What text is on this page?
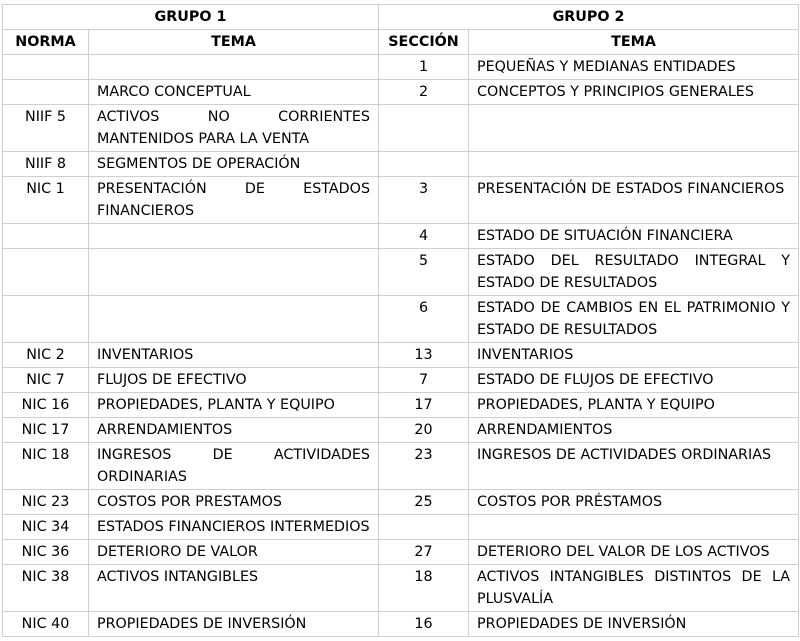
GRUPO 1		GRUPO 2	
NORMA	TEMA	SECCIÓN	TEMA
		1	PEQUEÑAS Y MEDIANAS ENTIDADES
	MARCO CONCEPTUAL	2	CONCEPTOS Y PRINCIPIOS GENERALES
NIIF 5	ACTIVOS NO CORRIENTES MANTENIDOS PARA LA VENTA		
NIIF 8	SEGMENTOS DE OPERACIÓN		
NIC 1	PRESENTACIÓN DE ESTADOS FINANCIEROS	3	PRESENTACIÓN DE ESTADOS FINANCIEROS
		4	ESTADO DE SITUACIÓN FINANCIERA
		5	ESTADO DEL RESULTADO INTEGRAL Y ESTADO DE RESULTADOS
		6	ESTADO DE CAMBIOS EN EL PATRIMONIO Y ESTADO DE RESULTADOS
NIC 2	INVENTARIOS	13	INVENTARIOS
NIC 7	FLUJOS DE EFECTIVO	7	ESTADO DE FLUJOS DE EFECTIVO
NIC 16	PROPIEDADES, PLANTA Y EQUIPO	17	PROPIEDADES, PLANTA Y EQUIPO
NIC 17	ARRENDAMIENTOS	20	ARRENDAMIENTOS
NIC 18	INGRESOS DE ACTIVIDADES ORDINARIAS	23	INGRESOS DE ACTIVIDADES ORDINARIAS
NIC 23	COSTOS POR PRESTAMOS	25	COSTOS POR PRÉSTAMOS
NIC 34	ESTADOS FINANCIEROS INTERMEDIOS		
NIC 36	DETERIORO DE VALOR	27	DETERIORO DEL VALOR DE LOS ACTIVOS
NIC 38	ACTIVOS INTANGIBLES	18	ACTIVOS INTANGIBLES DISTINTOS DE LA PLUSVALÍA
NIC 40	PROPIEDADES DE INVERSIÓN	16	PROPIEDADES DE INVERSIÓN
